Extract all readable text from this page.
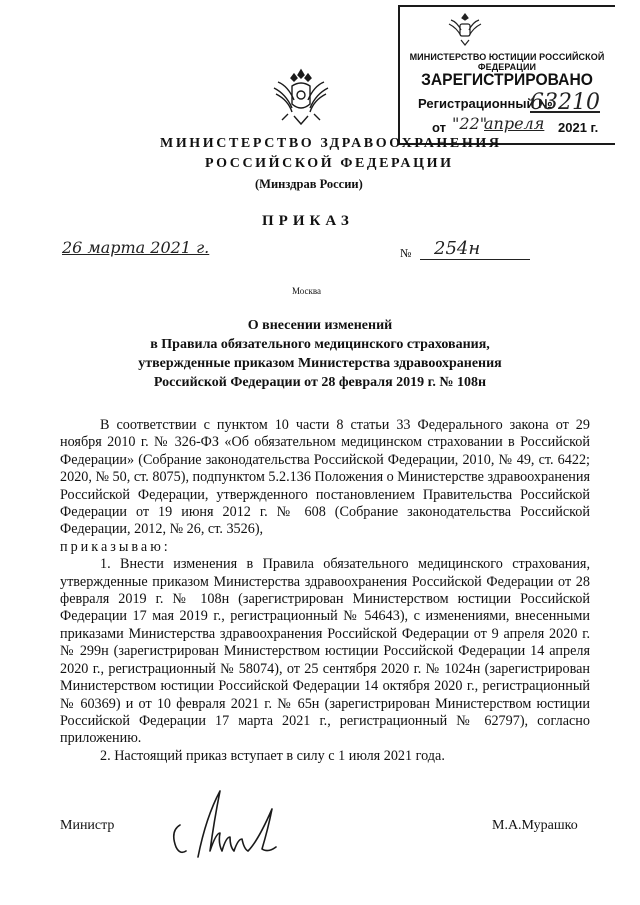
МИНИСТЕРСТВО ЮСТИЦИИ РОССИЙСКОЙ ФЕДЕРАЦИИ
ЗАРЕГИСТРИРОВАНО
Регистрационный №
63210
от "22"
апреля 2021 г.
МИНИСТЕРСТВО ЗДРАВООХРАНЕНИЯ
РОССИЙСКОЙ ФЕДЕРАЦИИ
(Минздрав России)
ПРИКАЗ
26 марта 2021 г.	№	254н
Москва
О внесении изменений
в Правила обязательного медицинского страхования,
утвержденные приказом Министерства здравоохранения
Российской Федерации от 28 февраля 2019 г. № 108н

В соответствии с пунктом 10 части 8 статьи 33 Федерального закона от 29 ноября 2010 г. № 326-ФЗ «Об обязательном медицинском страховании в Российской Федерации» (Собрание законодательства Российской Федерации, 2010, № 49, ст. 6422; 2020, № 50, ст. 8075), подпунктом 5.2.136 Положения о Министерстве здравоохранения Российской Федерации, утвержденного постановлением Правительства Российской Федерации от 19 июня 2012 г. № 608 (Собрание законодательства Российской Федерации, 2012, № 26, ст. 3526),

приказываю:

1. Внести изменения в Правила обязательного медицинского страхования, утвержденные приказом Министерства здравоохранения Российской Федерации от 28 февраля 2019 г. № 108н (зарегистрирован Министерством юстиции Российской Федерации 17 мая 2019 г., регистрационный № 54643), с изменениями, внесенными приказами Министерства здравоохранения Российской Федерации от 9 апреля 2020 г. № 299н (зарегистрирован Министерством юстиции Российской Федерации 14 апреля 2020 г., регистрационный № 58074), от 25 сентября 2020 г. № 1024н (зарегистрирован Министерством юстиции Российской Федерации 14 октября 2020 г., регистрационный № 60369) и от 10 февраля 2021 г. № 65н (зарегистрирован Министерством юстиции Российской Федерации 17 марта 2021 г., регистрационный № 62797), согласно приложению.

2. Настоящий приказ вступает в силу с 1 июля 2021 года.

Министр	М.А.Мурашко
